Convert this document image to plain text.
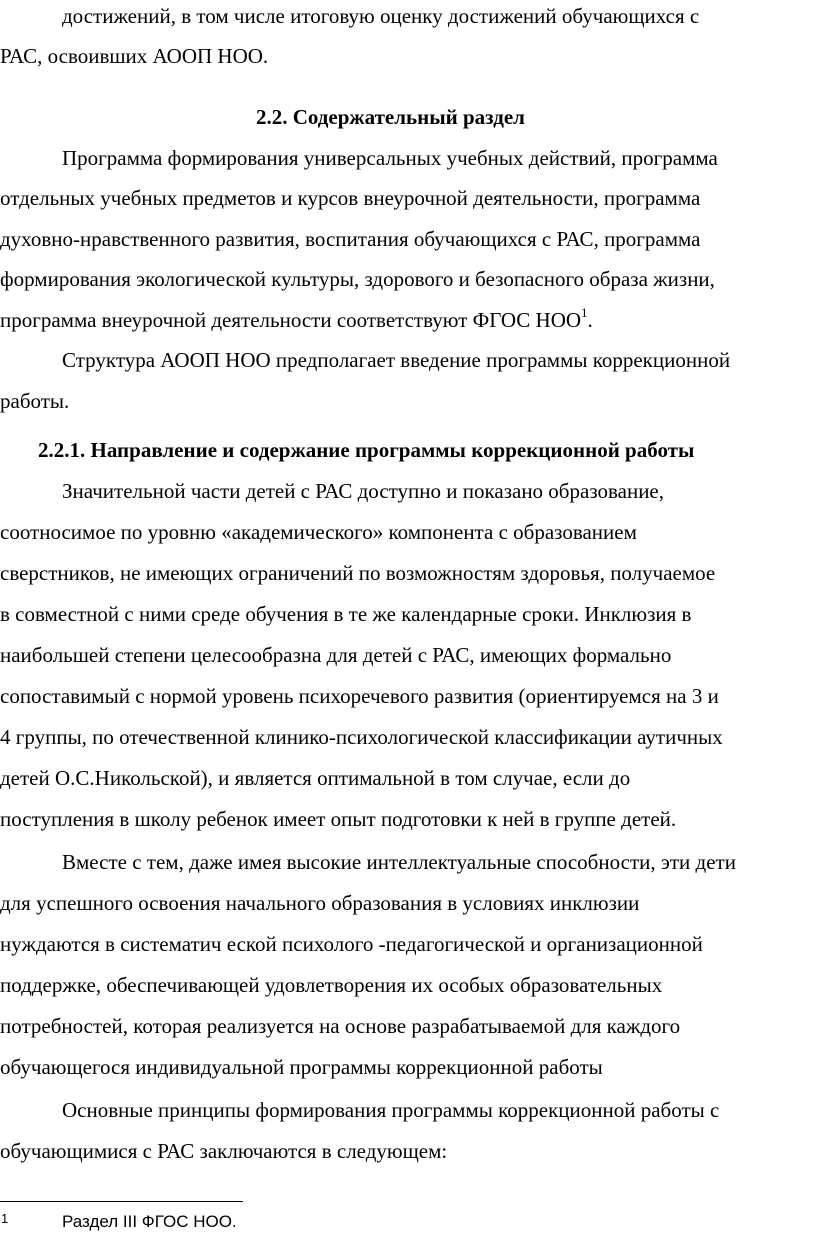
достижений, в том числе итоговую оценку достижений обучающихся с
РАС, освоивших АООП НОО.
2.2. Содержательный раздел
Программа формирования универсальных учебных действий, программа
отдельных учебных предметов и курсов внеурочной деятельности, программа
духовно-нравственного развития, воспитания обучающихся с РАС, программа
формирования экологической культуры, здорового и безопасного образа жизни,
программа внеурочной деятельности соответствуют ФГОС НОО$^1$.
Структура АООП НОО предполагает введение программы коррекционной
работы.
2.2.1. Направление и содержание программы коррекционной работы
Значительной части детей с РАС доступно и показано образование,
соотносимое по уровню «академического» компонента с образованием
сверстников, не имеющих ограничений по возможностям здоровья, получаемое
в совместной с ними среде обучения в те же календарные сроки. Инклюзия в
наибольшей степени целесообразна для детей с РАС, имеющих формально
сопоставимый с нормой уровень психоречевого развития (ориентируемся на 3 и
4 группы, по отечественной клинико-психологической классификации аутичных
детей О.С.Никольской), и является оптимальной в том случае, если до
поступления в школу ребенок имеет опыт подготовки к ней в группе детей.
Вместе с тем, даже имея высокие интеллектуальные способности, эти дети
для успешного освоения начального образования в условиях инклюзии
нуждаются в систематич еской психолого -педагогической и организационной
поддержке, обеспечивающей удовлетворения их особых образовательных
потребностей, которая реализуется на основе разрабатываемой для каждого
обучающегося индивидуальной программы коррекционной работы
Основные принципы формирования программы коррекционной работы с
обучающимися с РАС заключаются в следующем:
1	Раздел III ФГОС НОО.
